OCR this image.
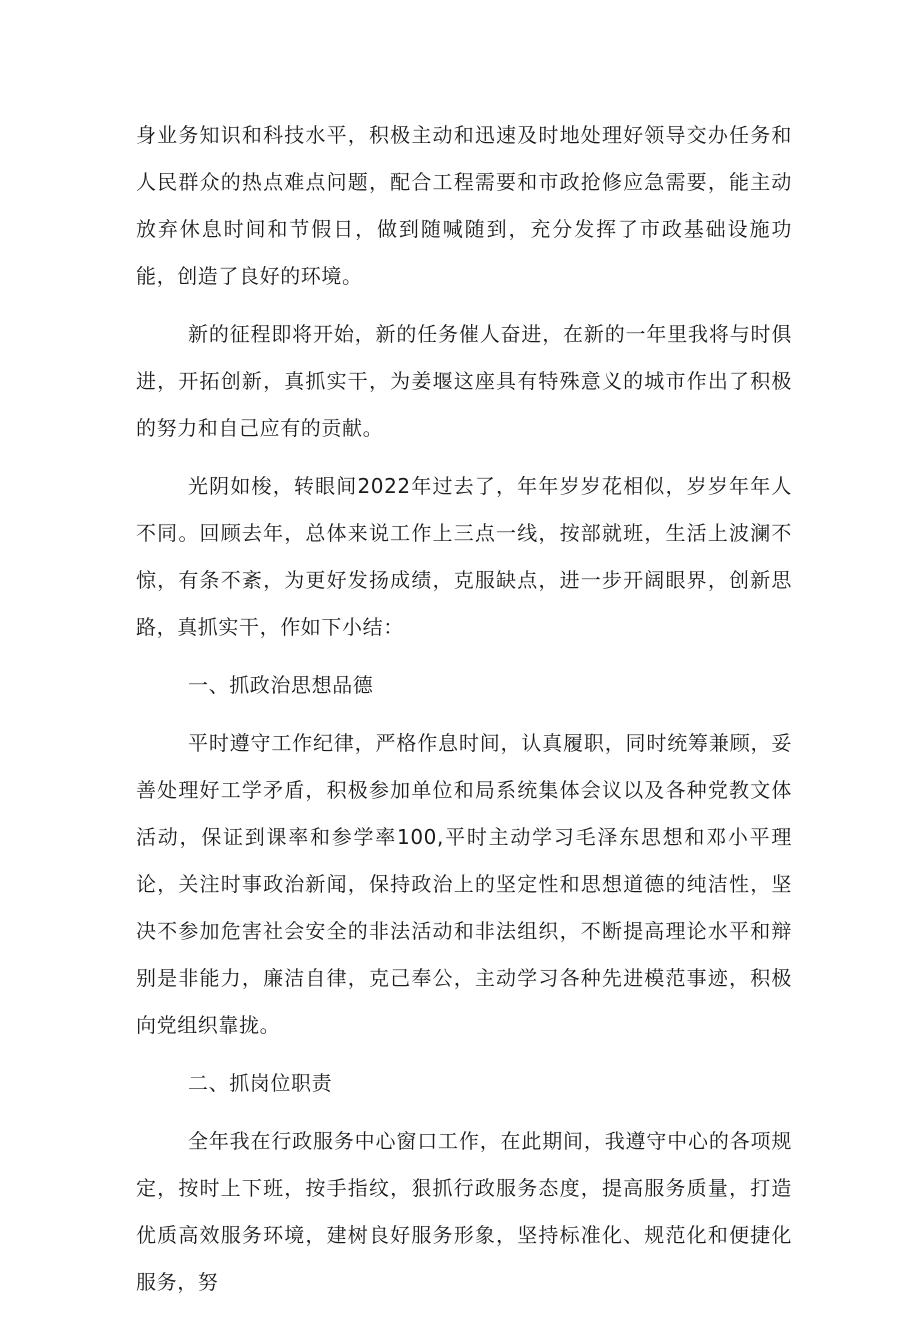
身业务知识和科技水平，积极主动和迅速及时地处理好领导交办任务和人民群众的热点难点问题，配合工程需要和市政抢修应急需要，能主动放弃休息时间和节假日，做到随喊随到，充分发挥了市政基础设施功能，创造了良好的环境。

新的征程即将开始，新的任务催人奋进，在新的一年里我将与时俱进，开拓创新，真抓实干，为姜堰这座具有特殊意义的城市作出了积极的努力和自己应有的贡献。

光阴如梭，转眼间2022年过去了，年年岁岁花相似，岁岁年年人不同。回顾去年，总体来说工作上三点一线，按部就班，生活上波澜不惊，有条不紊，为更好发扬成绩，克服缺点，进一步开阔眼界，创新思路，真抓实干，作如下小结：

一、抓政治思想品德

平时遵守工作纪律，严格作息时间，认真履职，同时统筹兼顾，妥善处理好工学矛盾，积极参加单位和局系统集体会议以及各种党教文体活动，保证到课率和参学率100,平时主动学习毛泽东思想和邓小平理论，关注时事政治新闻，保持政治上的坚定性和思想道德的纯洁性，坚决不参加危害社会安全的非法活动和非法组织，不断提高理论水平和辩别是非能力，廉洁自律，克己奉公，主动学习各种先进模范事迹，积极向党组织靠拢。

二、抓岗位职责

全年我在行政服务中心窗口工作，在此期间，我遵守中心的各项规定，按时上下班，按手指纹，狠抓行政服务态度，提高服务质量，打造优质高效服务环境，建树良好服务形象，坚持标准化、规范化和便捷化服务，努
